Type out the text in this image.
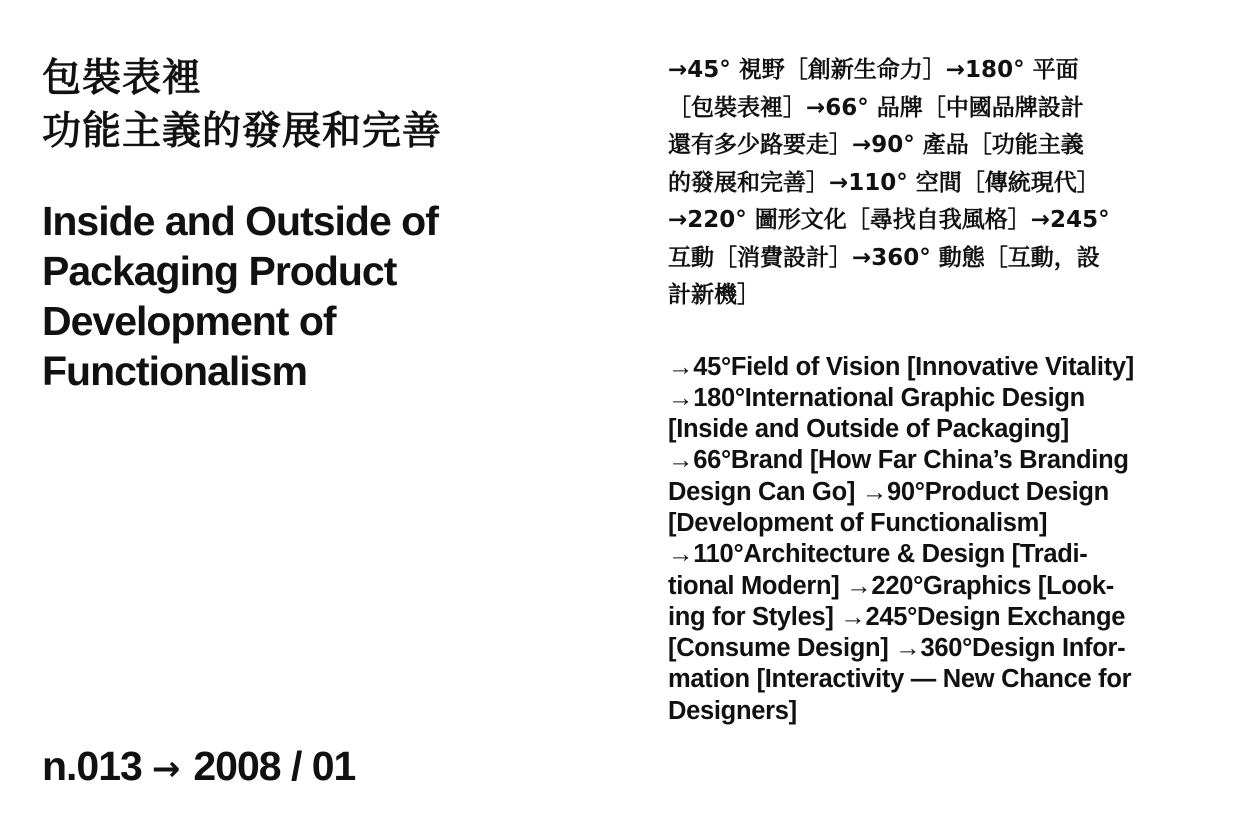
包裝表裡
功能主義的發展和完善
Inside and Outside of
Packaging Product
Development of
Functionalism
n.013 → 2008 / 01

→45° 視野［創新生命力］→180° 平面
［包裝表裡］→66° 品牌［中國品牌設計
還有多少路要走］→90° 產品［功能主義
的發展和完善］→110° 空間［傳統現代］
→220° 圖形文化［尋找自我風格］→245°
互動［消費設計］→360° 動態［互動，設
計新機］

→45°Field of Vision [Innovative Vitality]
→180°International Graphic Design
[Inside and Outside of Packaging]
→66°Brand [How Far China’s Branding
Design Can Go] →90°Product Design
[Development of Functionalism]
→110°Architecture & Design [Tradi-
tional Modern] →220°Graphics [Look-
ing for Styles] →245°Design Exchange
[Consume Design] →360°Design Infor-
mation [Interactivity — New Chance for
Designers]
